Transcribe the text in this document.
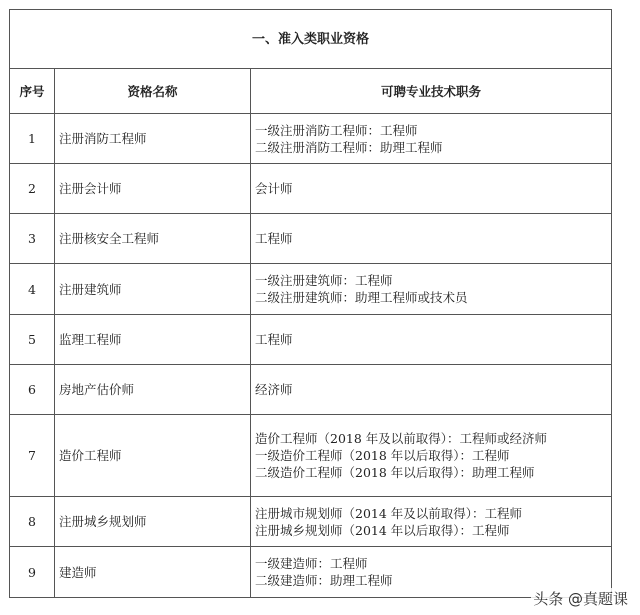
一、准入类职业资格		
序号	资格名称	可聘专业技术职务
1	注册消防工程师	一级注册消防工程师：工程师
二级注册消防工程师：助理工程师

2	注册会计师	会计师

3	注册核安全工程师	工程师

4	注册建筑师	一级注册建筑师：工程师
二级注册建筑师：助理工程师或技术员

5	监理工程师	工程师

6	房地产估价师	经济师

7	造价工程师	造价工程师（2018 年及以前取得）：工程师或经济师
一级造价工程师（2018 年以后取得）：工程师
二级造价工程师（2018 年以后取得）：助理工程师

8	注册城乡规划师	注册城市规划师（2014 年及以前取得）：工程师
注册城乡规划师（2014 年以后取得）：工程师

9	建造师	一级建造师：工程师
二级建造师：助理工程师
头条 @真题课
